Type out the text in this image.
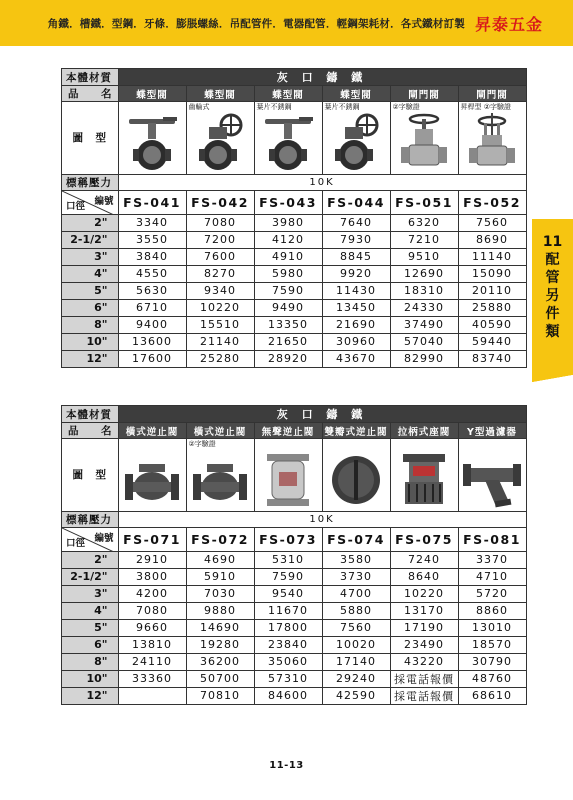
角鐵．槽鐵．型鋼．牙條．膨脹螺絲．吊配管件．電器配管．輕鋼架耗材．各式鐵材訂製 昇泰五金
11
配
管
另
件
類
本體材質	灰 口 鑄 鐵					
品　名	蝶型閥	蝶型閥	蝶型閥	蝶型閥	閘門閥	閘門閥
圖　型		齒輪式	葉片不銹鋼	葉片不銹鋼	②字驗證	昇桿型 ②字驗證

標稱壓力	10K					

編號
口徑	FS-041	FS-042	FS-043	FS-044	FS-051	FS-052
2"	3340	7080	3980	7640	6320	7560
2-1/2"	3550	7200	4120	7930	7210	8690
3"	3840	7600	4910	8845	9510	11140
4"	4550	8270	5980	9920	12690	15090
5"	5630	9340	7590	11430	18310	20110
6"	6710	10220	9490	13450	24330	25880
8"	9400	15510	13350	21690	37490	40590
10"	13600	21140	21650	30960	57040	59440
12"	17600	25280	28920	43670	82990	83740
本體材質	灰 口 鑄 鐵					
品　名	橫式逆止閥	橫式逆止閥	無聲逆止閥	雙瓣式逆止閥	拉柄式座閥	Y型過濾器
圖　型		②字驗證				

標稱壓力	10K					

編號
口徑	FS-071	FS-072	FS-073	FS-074	FS-075	FS-081
2"	2910	4690	5310	3580	7240	3370
2-1/2"	3800	5910	7590	3730	8640	4710
3"	4200	7030	9540	4700	10220	5720
4"	7080	9880	11670	5880	13170	8860
5"	9660	14690	17800	7560	17190	13010
6"	13810	19280	23840	10020	23490	18570
8"	24110	36200	35060	17140	43220	30790
10"	33360	50700	57310	29240	採電話報價	48760
12"		70810	84600	42590	採電話報價	68610
11-13
